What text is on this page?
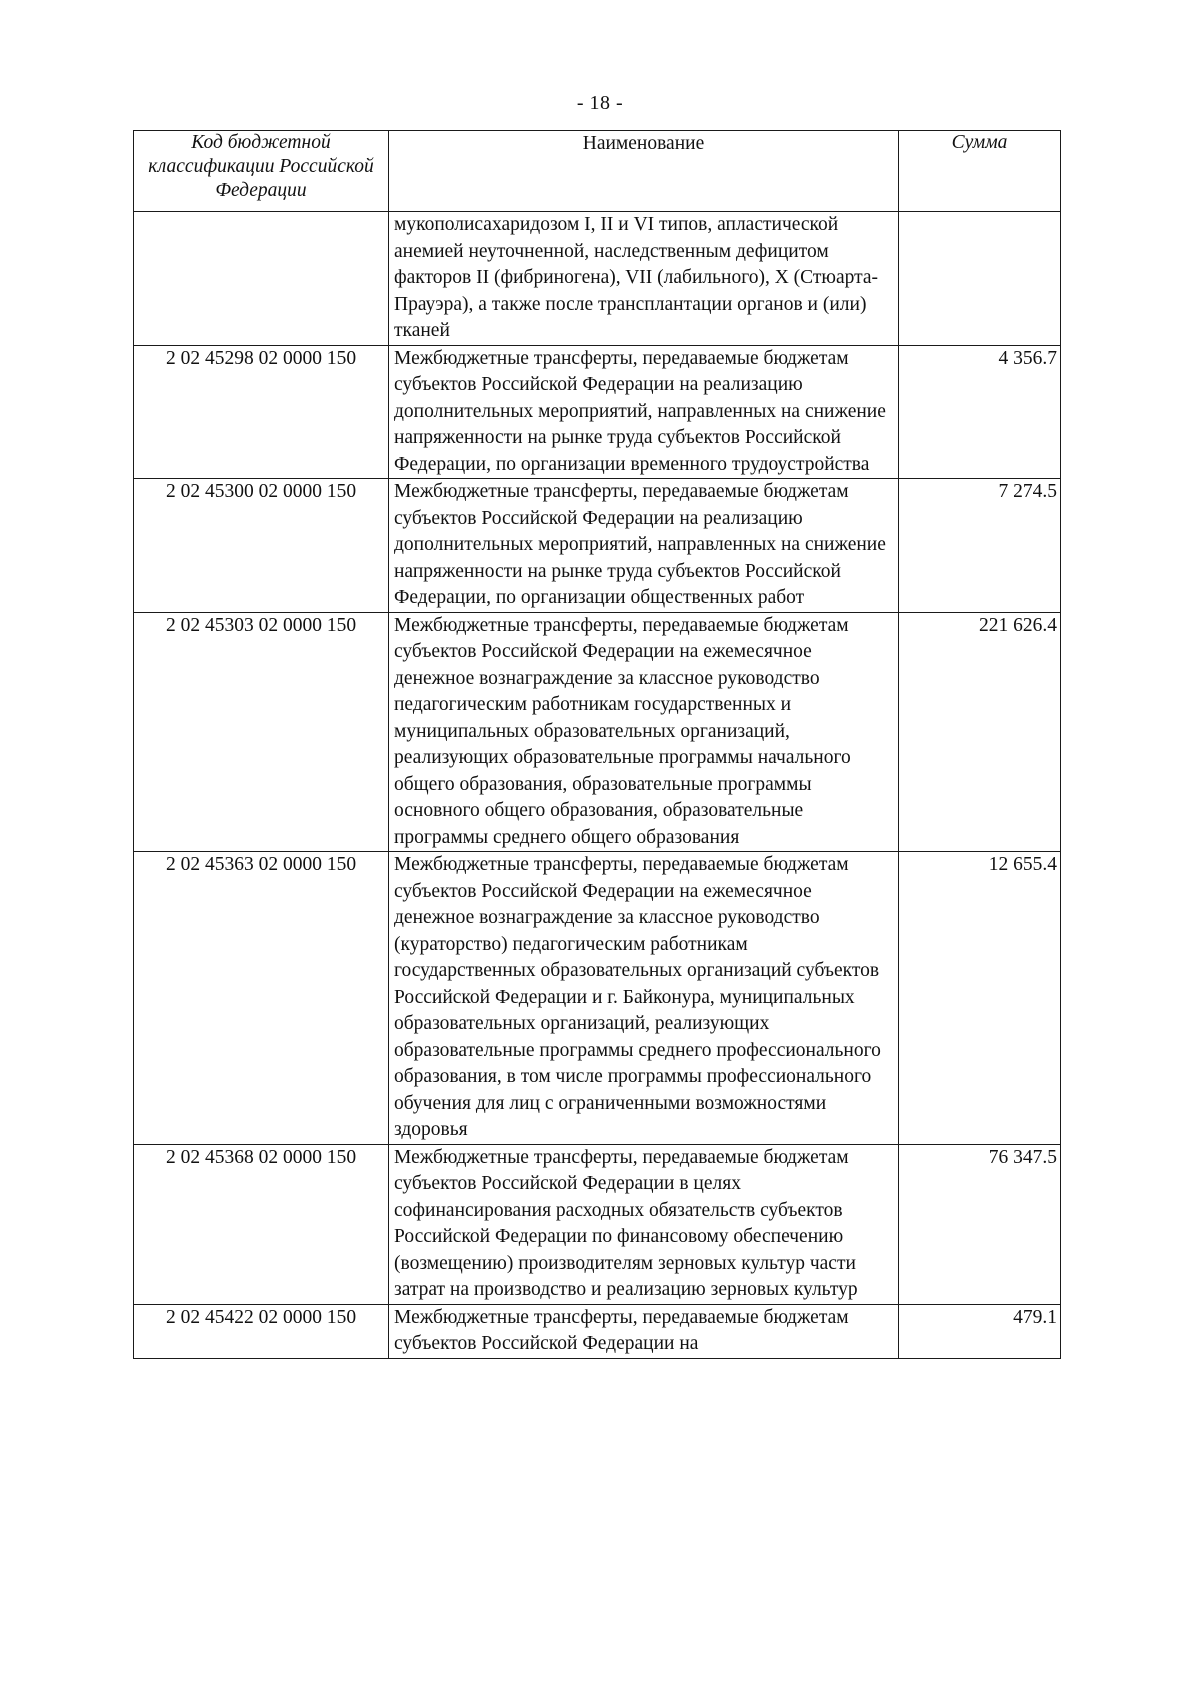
- 18 -
Код бюджетной классификации Российской Федерации	Наименование	Сумма
	мукополисахаридозом I, II и VI типов, апластической анемией неуточненной, наследственным дефицитом факторов II (фибриногена), VII (лабильного), X (Стюарта-Прауэра), а также после трансплантации органов и (или) тканей	
2 02 45298 02 0000 150	Межбюджетные трансферты, передаваемые бюджетам субъектов Российской Федерации на реализацию дополнительных мероприятий, направленных на снижение напряженности на рынке труда субъектов Российской Федерации, по организации временного трудоустройства	4 356.7
2 02 45300 02 0000 150	Межбюджетные трансферты, передаваемые бюджетам субъектов Российской Федерации на реализацию дополнительных мероприятий, направленных на снижение напряженности на рынке труда субъектов Российской Федерации, по организации общественных работ	7 274.5
2 02 45303 02 0000 150	Межбюджетные трансферты, передаваемые бюджетам субъектов Российской Федерации на ежемесячное денежное вознаграждение за классное руководство педагогическим работникам государственных и муниципальных образовательных организаций, реализующих образовательные программы начального общего образования, образовательные программы основного общего образования, образовательные программы среднего общего образования	221 626.4
2 02 45363 02 0000 150	Межбюджетные трансферты, передаваемые бюджетам субъектов Российской Федерации на ежемесячное денежное вознаграждение за классное руководство (кураторство) педагогическим работникам государственных образовательных организаций субъектов Российской Федерации и г. Байконура, муниципальных образовательных организаций, реализующих образовательные программы среднего профессионального образования, в том числе программы профессионального обучения для лиц с ограниченными возможностями здоровья	12 655.4
2 02 45368 02 0000 150	Межбюджетные трансферты, передаваемые бюджетам субъектов Российской Федерации в целях софинансирования расходных обязательств субъектов Российской Федерации по финансовому обеспечению (возмещению) производителям зерновых культур части затрат на производство и реализацию зерновых культур	76 347.5
2 02 45422 02 0000 150	Межбюджетные трансферты, передаваемые бюджетам субъектов Российской Федерации на	479.1
